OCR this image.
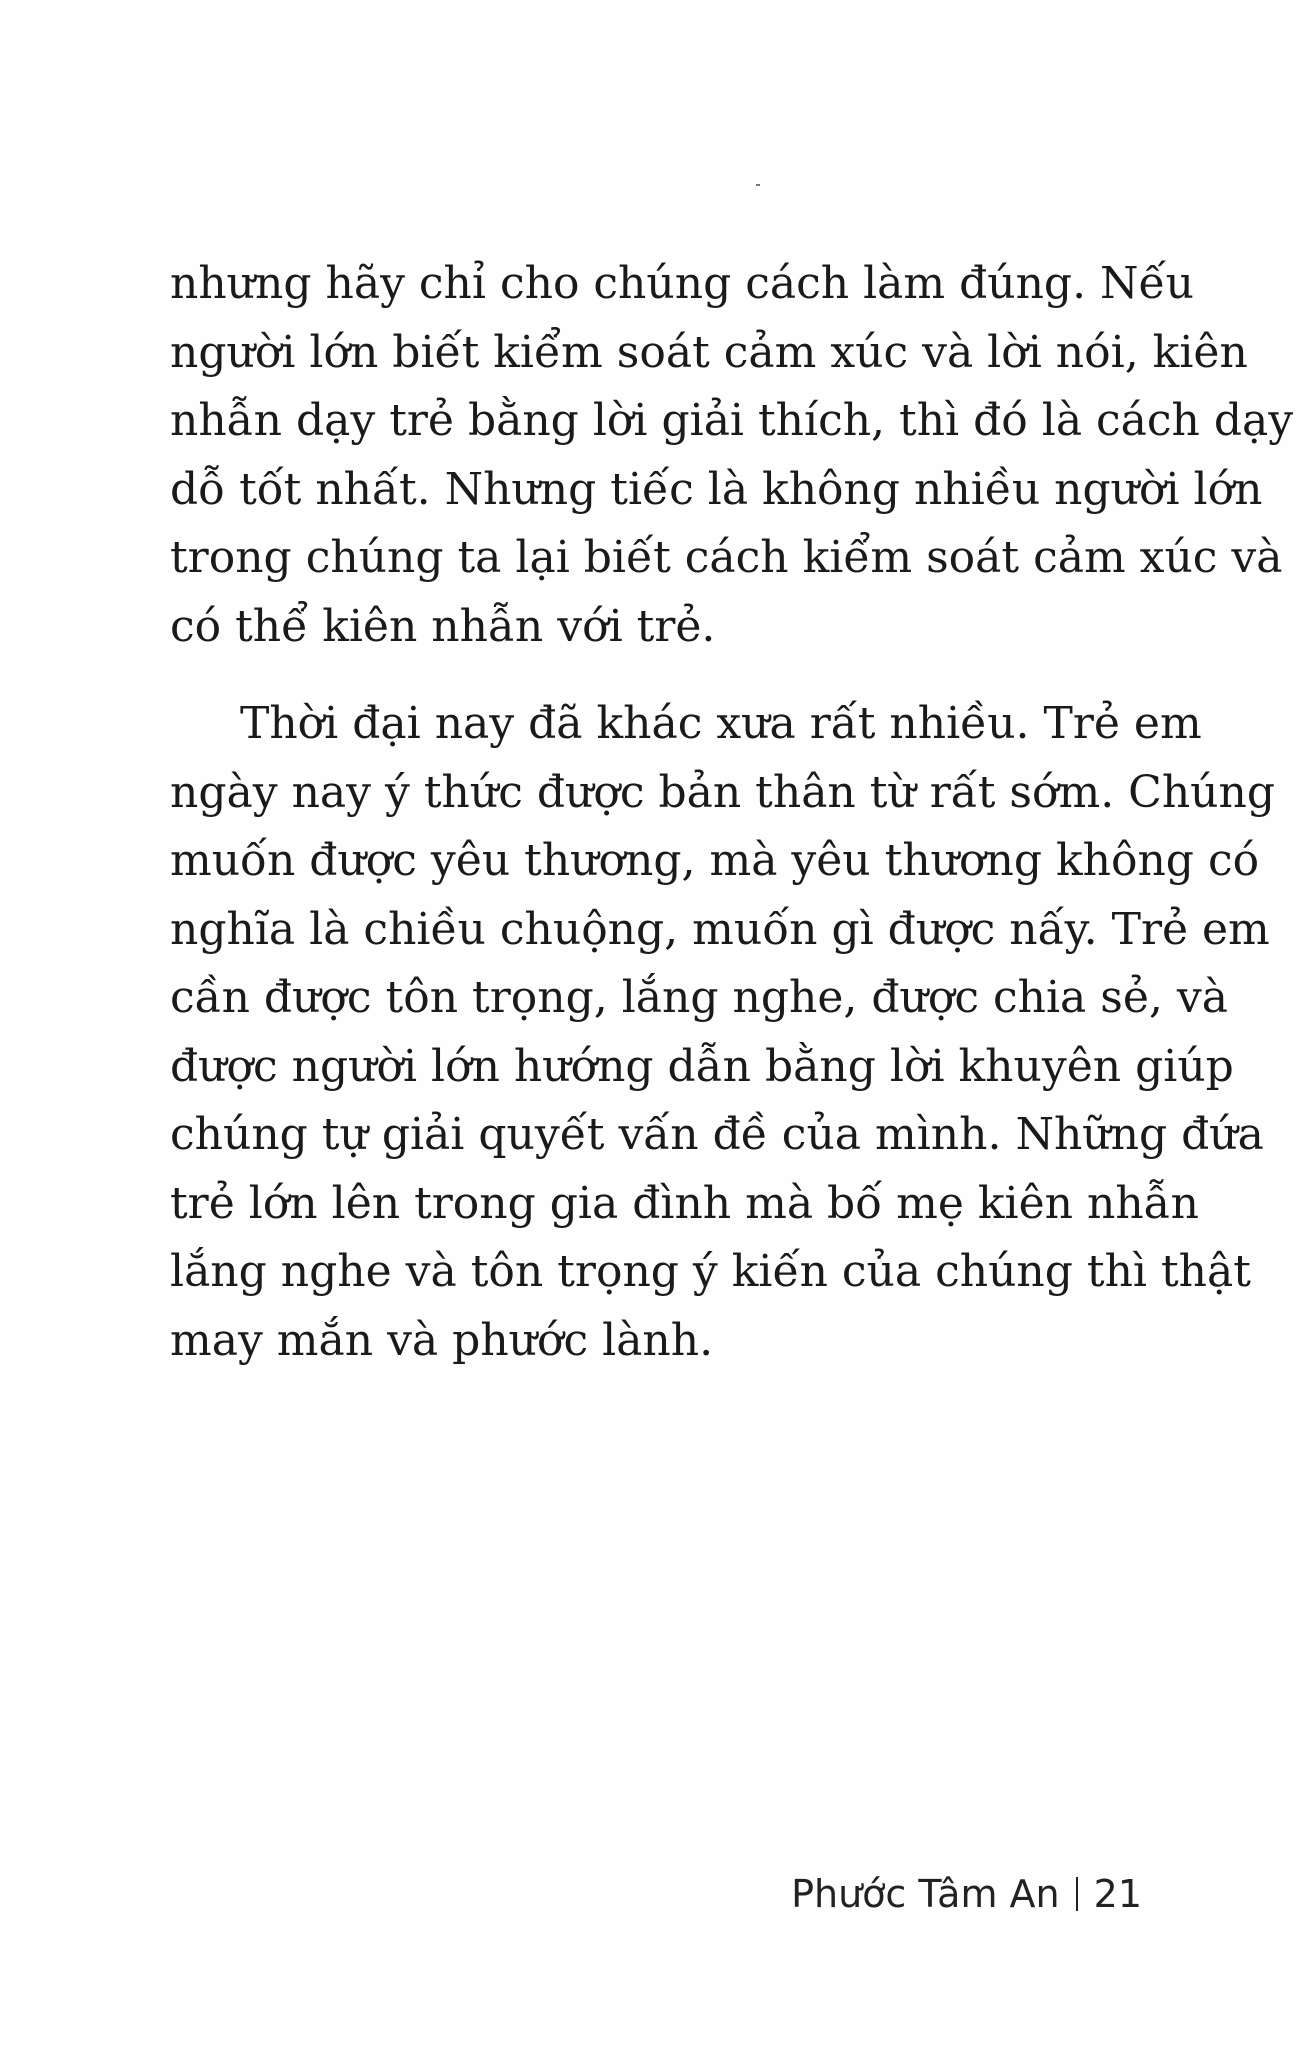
nhưng hãy chỉ cho chúng cách làm đúng. Nếu
người lớn biết kiểm soát cảm xúc và lời nói, kiên
nhẫn dạy trẻ bằng lời giải thích, thì đó là cách dạy
dỗ tốt nhất. Nhưng tiếc là không nhiều người lớn
trong chúng ta lại biết cách kiểm soát cảm xúc và
có thể kiên nhẫn với trẻ.
Thời đại nay đã khác xưa rất nhiều. Trẻ em
ngày nay ý thức được bản thân từ rất sớm. Chúng
muốn được yêu thương, mà yêu thương không có
nghĩa là chiều chuộng, muốn gì được nấy. Trẻ em
cần được tôn trọng, lắng nghe, được chia sẻ, và
được người lớn hướng dẫn bằng lời khuyên giúp
chúng tự giải quyết vấn đề của mình. Những đứa
trẻ lớn lên trong gia đình mà bố mẹ kiên nhẫn
lắng nghe và tôn trọng ý kiến của chúng thì thật
may mắn và phước lành.
Phước Tâm An 21
